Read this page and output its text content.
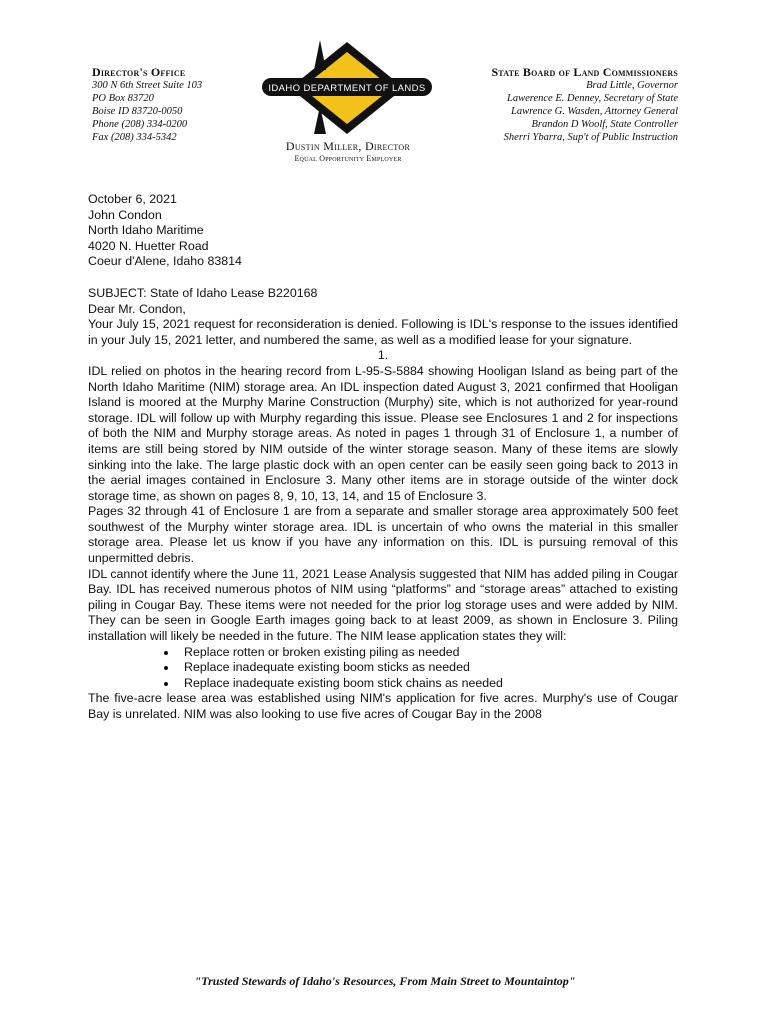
Director's Office
300 N 6th Street Suite 103
PO Box 83720
Boise ID 83720-0050
Phone (208) 334-0200
Fax (208) 334-5342
IDAHO DEPARTMENT OF LANDS
Dustin Miller, Director
Equal Opportunity Employer
State Board of Land Commissioners
Brad Little, Governor
Lawerence E. Denney, Secretary of State
Lawrence G. Wasden, Attorney General
Brandon D Woolf, State Controller
Sherri Ybarra, Sup't of Public Instruction

October 6, 2021

John Condon

North Idaho Maritime

4020 N. Huetter Road

Coeur d'Alene, Idaho 83814

SUBJECT: State of Idaho Lease B220168

Dear Mr. Condon,

Your July 15, 2021 request for reconsideration is denied. Following is IDL's response to the issues identified in your July 15, 2021 letter, and numbered the same, as well as a modified lease for your signature.

1.

IDL relied on photos in the hearing record from L-95-S-5884 showing Hooligan Island as being part of the North Idaho Maritime (NIM) storage area. An IDL inspection dated August 3, 2021 confirmed that Hooligan Island is moored at the Murphy Marine Construction (Murphy) site, which is not authorized for year-round storage. IDL will follow up with Murphy regarding this issue. Please see Enclosures 1 and 2 for inspections of both the NIM and Murphy storage areas. As noted in pages 1 through 31 of Enclosure 1, a number of items are still being stored by NIM outside of the winter storage season. Many of these items are slowly sinking into the lake. The large plastic dock with an open center can be easily seen going back to 2013 in the aerial images contained in Enclosure 3. Many other items are in storage outside of the winter dock storage time, as shown on pages 8, 9, 10, 13, 14, and 15 of Enclosure 3.

Pages 32 through 41 of Enclosure 1 are from a separate and smaller storage area approximately 500 feet southwest of the Murphy winter storage area. IDL is uncertain of who owns the material in this smaller storage area. Please let us know if you have any information on this. IDL is pursuing removal of this unpermitted debris.

IDL cannot identify where the June 11, 2021 Lease Analysis suggested that NIM has added piling in Cougar Bay. IDL has received numerous photos of NIM using “platforms” and “storage areas” attached to existing piling in Cougar Bay. These items were not needed for the prior log storage uses and were added by NIM. They can be seen in Google Earth images going back to at least 2009, as shown in Enclosure 3. Piling installation will likely be needed in the future. The NIM lease application states they will:

• Replace rotten or broken existing piling as needed
• Replace inadequate existing boom sticks as needed
• Replace inadequate existing boom stick chains as needed

The five-acre lease area was established using NIM's application for five acres. Murphy's use of Cougar Bay is unrelated. NIM was also looking to use five acres of Cougar Bay in the 2008

"Trusted Stewards of Idaho's Resources, From Main Street to Mountaintop"
